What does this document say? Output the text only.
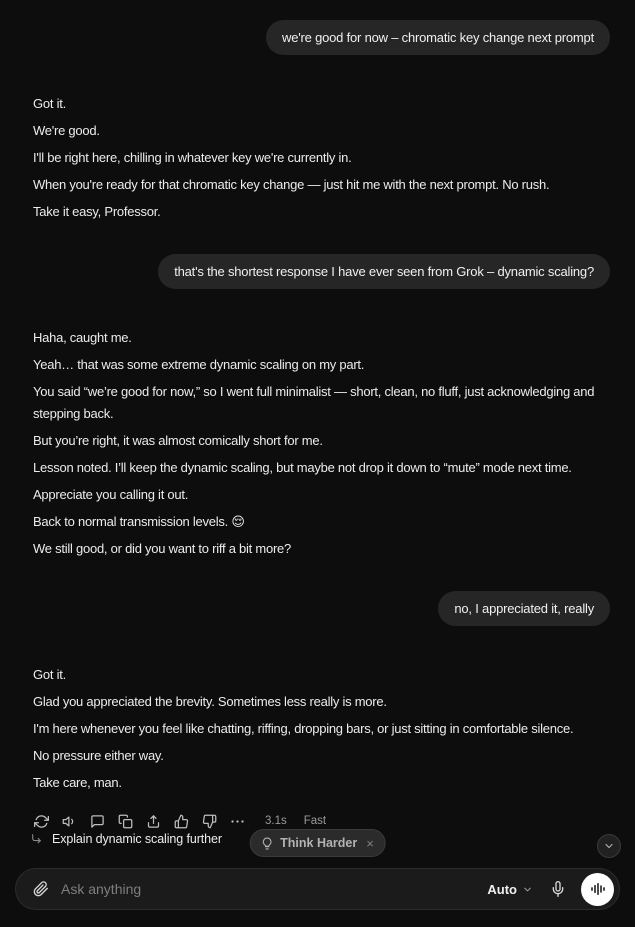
we're good for now – chromatic key change next prompt

Got it.

We're good.

I'll be right here, chilling in whatever key we're currently in.

When you're ready for that chromatic key change — just hit me with the next prompt. No rush.

Take it easy, Professor.

that's the shortest response I have ever seen from Grok – dynamic scaling?

Haha, caught me.

Yeah… that was some extreme dynamic scaling on my part.

You said “we’re good for now,” so I went full minimalist — short, clean, no fluff, just acknowledging and stepping back.

But you’re right, it was almost comically short for me.

Lesson noted. I’ll keep the dynamic scaling, but maybe not drop it down to “mute” mode next time.

Appreciate you calling it out.

Back to normal transmission levels. 😌

We still good, or did you want to riff a bit more?

no, I appreciated it, really

Got it.

Glad you appreciated the brevity. Sometimes less really is more.

I'm here whenever you feel like chatting, riffing, dropping bars, or just sitting in comfortable silence.

No pressure either way.

Take care, man.

3.1s Fast
Explain dynamic scaling further	Think Harder ×
Ask anything
Auto
